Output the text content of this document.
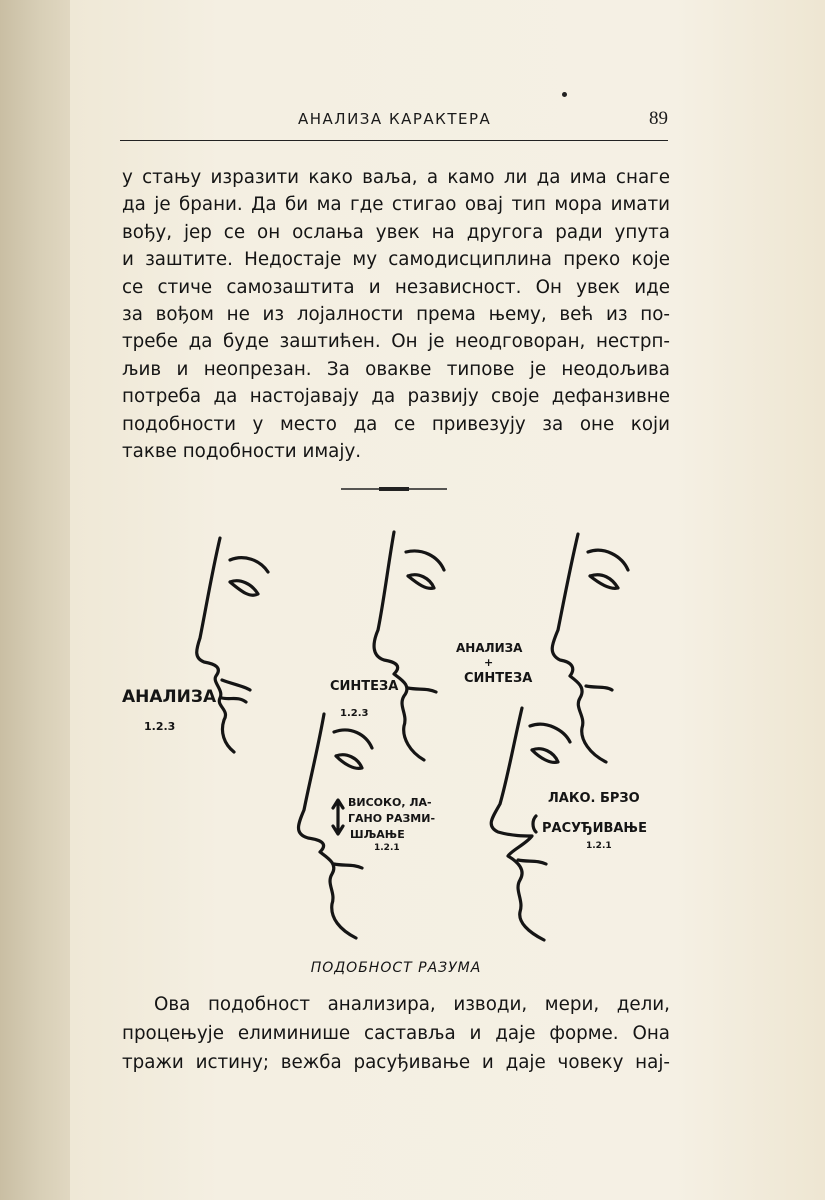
АНАЛИЗА КАРАКТЕРА	89
у стању изразити како ваља, а камо ли да има снаге
да је брани. Да би ма где стигао овај тип мора имати
вођу, јер се он ослања увек на другога ради упута
и заштите. Недостаје му самодисциплина преко које
се стиче самозаштита и независност. Он увек иде
за вођом не из лојалности према њему, већ из по-
требе да буде заштићен. Он је неодговоран, нестрп-
љив и неопрезан. За овакве типове је неодољива
потреба да настојавају да развију своје дефанзивне
подобности у место да се привезују за оне који
такве подобности имају.
АНАЛИЗА
1.2.3
СИНТЕЗА
1.2.3
АНАЛИЗА
+
СИНТЕЗА
ВИСОКО, ЛА-
ГАНО РАЗМИ-
ШЉАЊЕ
1.2.1
ЛАКО. БРЗО
РАСУЂИВАЊЕ
1.2.1
ПОДОБНОСТ РАЗУМА
Ова подобност анализира, изводи, мери, дели,
процењује елиминише саставља и даје форме. Она
тражи истину; вежба расуђивање и даје човеку нај-
